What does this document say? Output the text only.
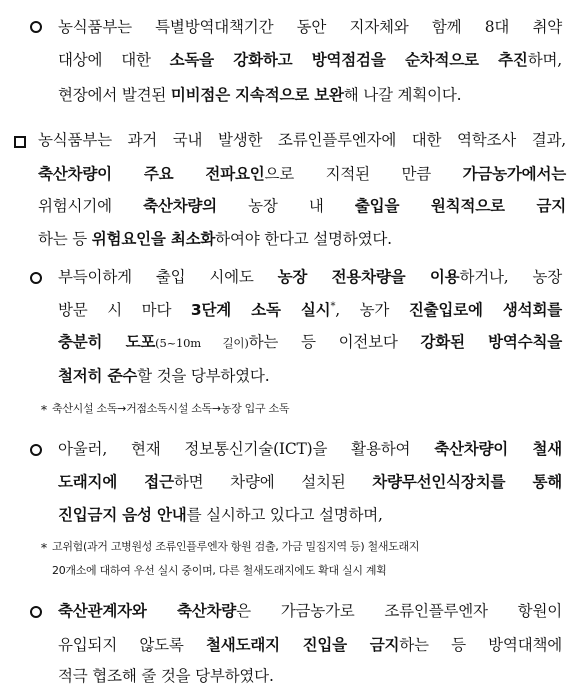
농식품부는 특별방역대책기간 동안 지자체와 함께 8대 취약
대상에 대한 소독을 강화하고 방역점검을 순차적으로 추진하며,
현장에서 발견된 미비점은 지속적으로 보완해 나갈 계획이다.
농식품부는 과거 국내 발생한 조류인플루엔자에 대한 역학조사 결과,
축산차량이 주요 전파요인으로 지적된 만큼 가금농가에서는
위험시기에 축산차량의 농장 내 출입을 원칙적으로 금지
하는 등 위험요인을 최소화하여야 한다고 설명하였다.
부득이하게 출입 시에도 농장 전용차량을 이용하거나, 농장
방문 시 마다 3단계 소독 실시*, 농가 진출입로에 생석회를
충분히 도포(5~10m 길이)하는 등 이전보다 강화된 방역수칙을
철저히 준수할 것을 당부하였다.
* 축산시설 소독→거점소독시설 소독→농장 입구 소독
아울러, 현재 정보통신기술(ICT)을 활용하여 축산차량이 철새
도래지에 접근하면 차량에 설치된 차량무선인식장치를 통해
진입금지 음성 안내를 실시하고 있다고 설명하며,
* 고위험(과거 고병원성 조류인플루엔자 항원 검출, 가금 밀집지역 등) 철새도래지
20개소에 대하여 우선 실시 중이며, 다른 철새도래지에도 확대 실시 계획
축산관계자와 축산차량은 가금농가로 조류인플루엔자 항원이
유입되지 않도록 철새도래지 진입을 금지하는 등 방역대책에
적극 협조해 줄 것을 당부하였다.
